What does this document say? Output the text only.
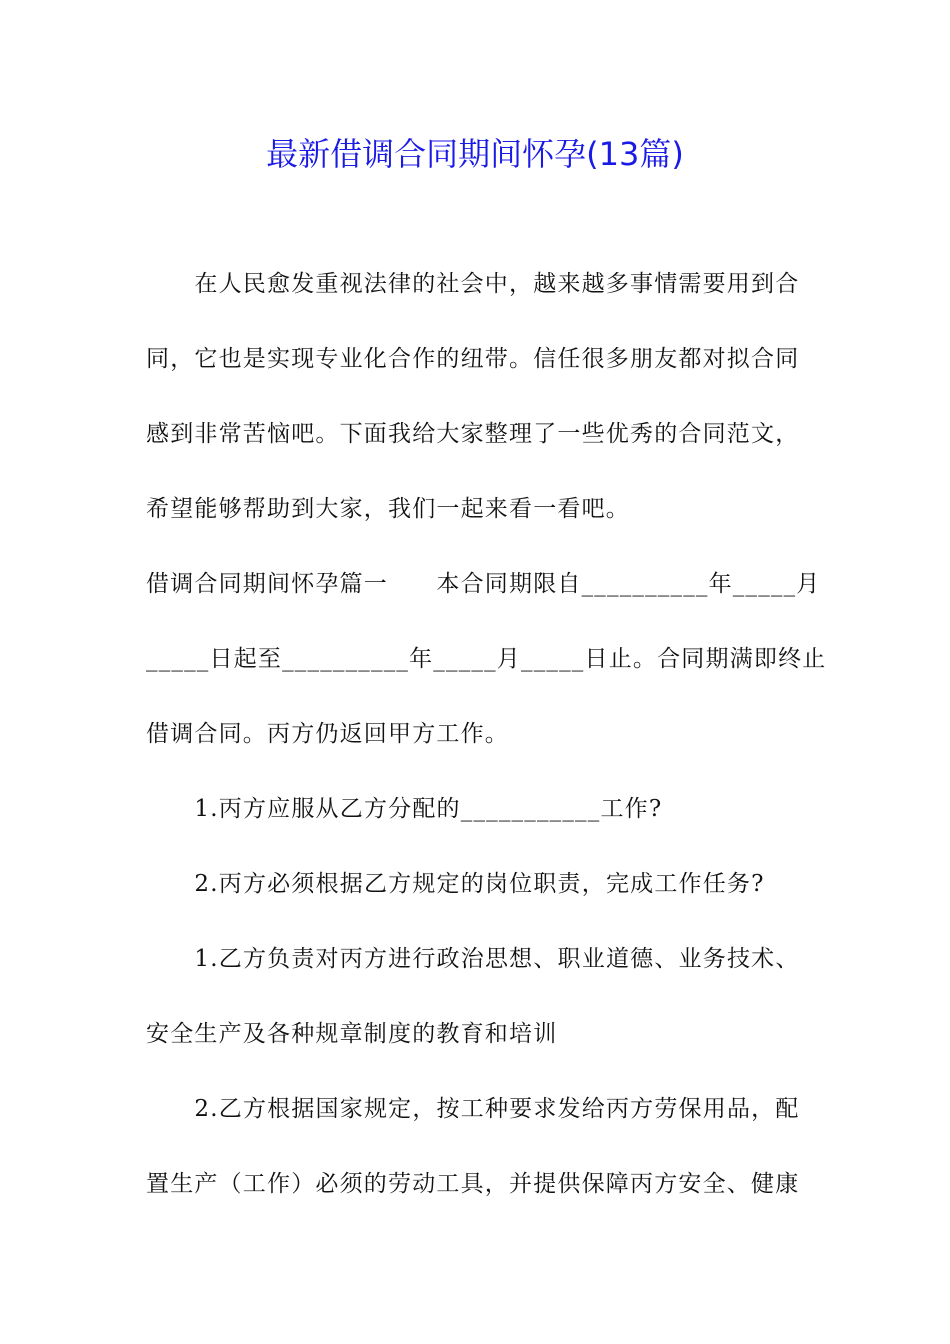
最新借调合同期间怀孕(13篇)
　　在人民愈发重视法律的社会中，越来越多事情需要用到合
同，它也是实现专业化合作的纽带。信任很多朋友都对拟合同
感到非常苦恼吧。下面我给大家整理了一些优秀的合同范文，
希望能够帮助到大家，我们一起来看一看吧。
借调合同期间怀孕篇一　　本合同期限自__________年_____月
_____日起至__________年_____月_____日止。合同期满即终止
借调合同。丙方仍返回甲方工作。
　　1.丙方应服从乙方分配的___________工作?
　　2.丙方必须根据乙方规定的岗位职责，完成工作任务?
　　1.乙方负责对丙方进行政治思想、职业道德、业务技术、
安全生产及各种规章制度的教育和培训
　　2.乙方根据国家规定，按工种要求发给丙方劳保用品，配
置生产（工作）必须的劳动工具，并提供保障丙方安全、健康
